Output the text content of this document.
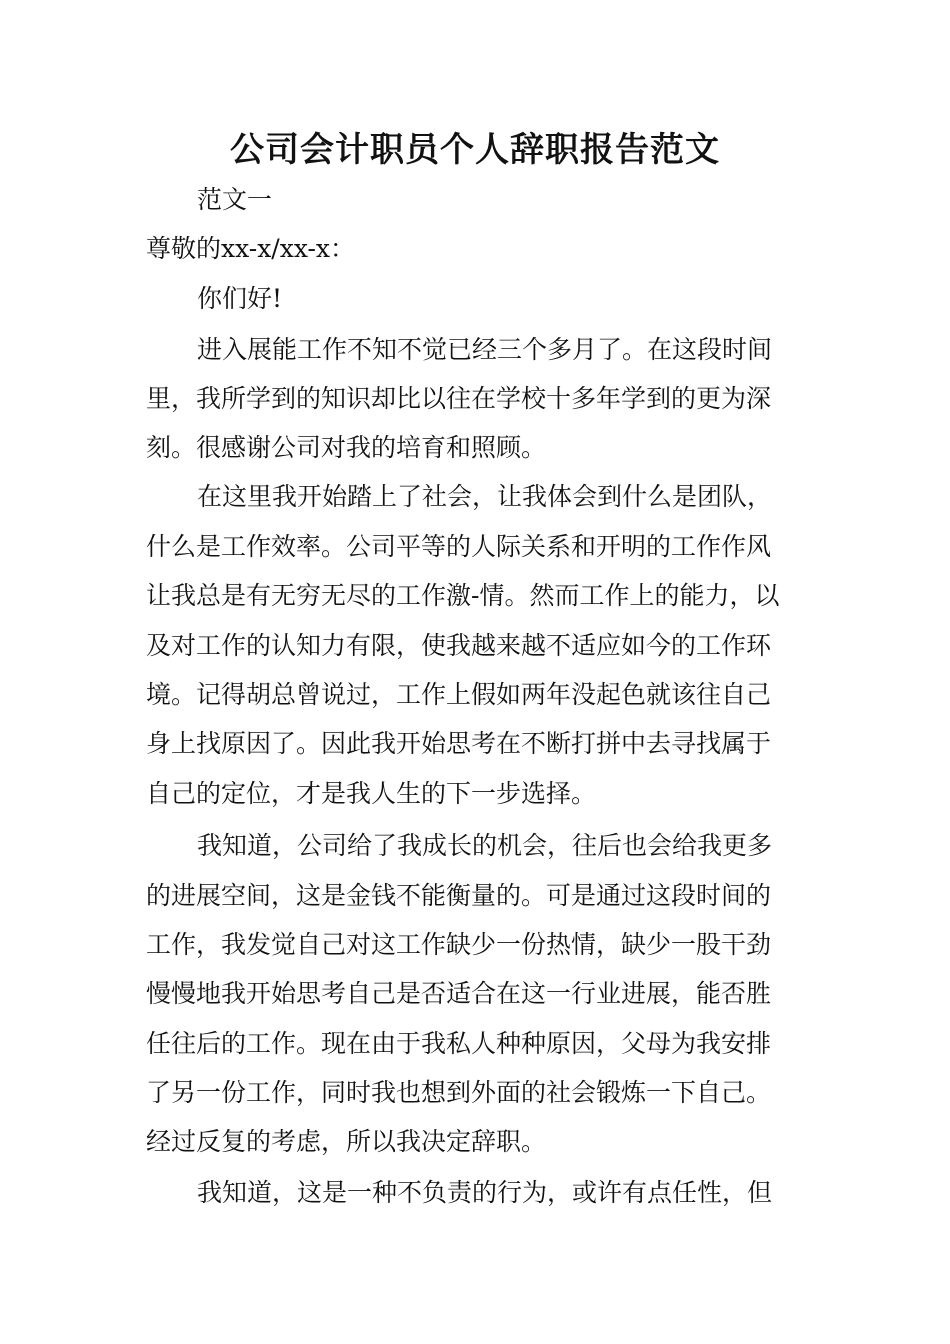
公司会计职员个人辞职报告范文

范文一

尊敬的xx-x/xx-x：

你们好!

进入展能工作不知不觉已经三个多月了。在这段时间

里，我所学到的知识却比以往在学校十多年学到的更为深

刻。很感谢公司对我的培育和照顾。

在这里我开始踏上了社会，让我体会到什么是团队，

什么是工作效率。公司平等的人际关系和开明的工作作风

让我总是有无穷无尽的工作激-情。然而工作上的能力，以

及对工作的认知力有限，使我越来越不适应如今的工作环

境。记得胡总曾说过，工作上假如两年没起色就该往自己

身上找原因了。因此我开始思考在不断打拼中去寻找属于

自己的定位，才是我人生的下一步选择。

我知道，公司给了我成长的机会，往后也会给我更多

的进展空间，这是金钱不能衡量的。可是通过这段时间的

工作，我发觉自己对这工作缺少一份热情，缺少一股干劲

慢慢地我开始思考自己是否适合在这一行业进展，能否胜

任往后的工作。现在由于我私人种种原因，父母为我安排

了另一份工作，同时我也想到外面的社会锻炼一下自己。

经过反复的考虑，所以我决定辞职。

我知道，这是一种不负责的行为，或许有点任性，但
